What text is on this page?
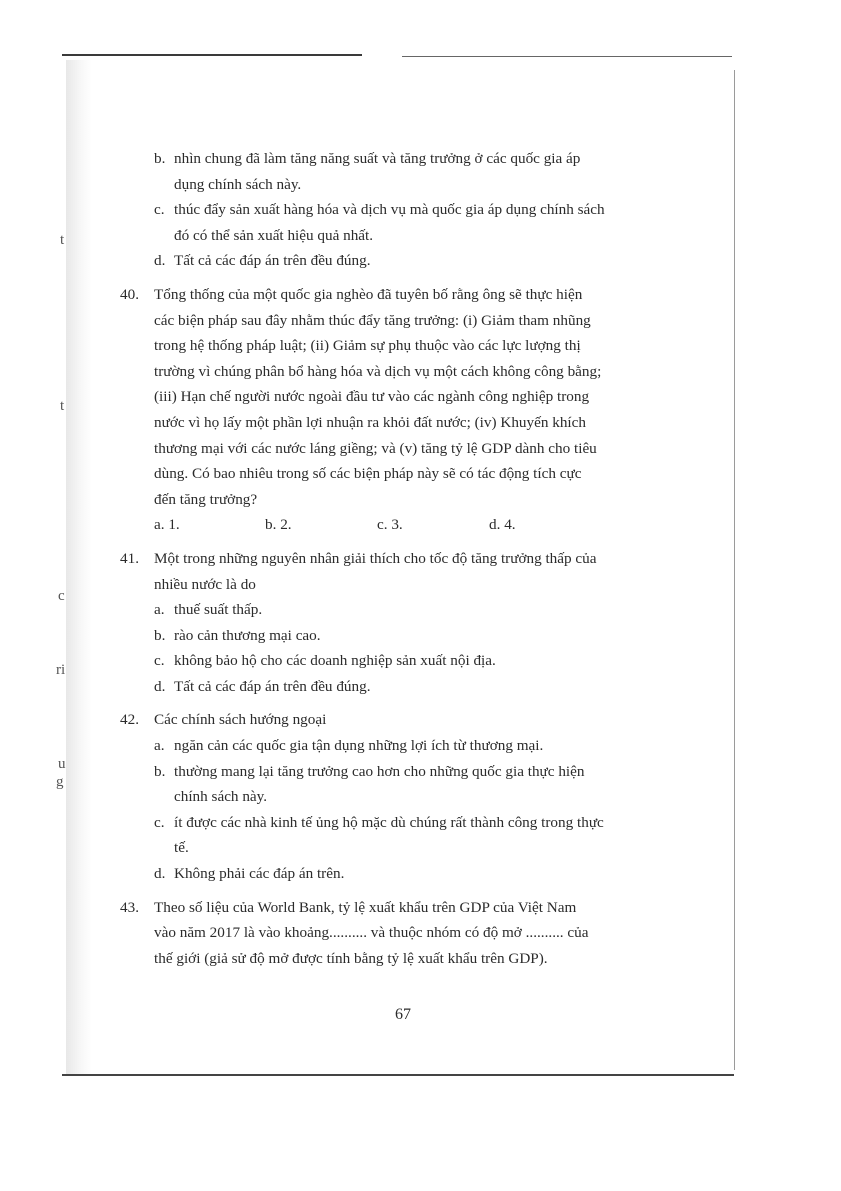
t
t
c
ri
u
g
b. nhìn chung đã làm tăng năng suất và tăng trưởng ở các quốc gia áp
dụng chính sách này.
c. thúc đẩy sản xuất hàng hóa và dịch vụ mà quốc gia áp dụng chính sách
đó có thể sản xuất hiệu quả nhất.
d. Tất cả các đáp án trên đều đúng.
40. Tổng thống của một quốc gia nghèo đã tuyên bố rằng ông sẽ thực hiện
các biện pháp sau đây nhằm thúc đẩy tăng trưởng: (i) Giảm tham nhũng
trong hệ thống pháp luật; (ii) Giảm sự phụ thuộc vào các lực lượng thị
trường vì chúng phân bổ hàng hóa và dịch vụ một cách không công bằng;
(iii) Hạn chế người nước ngoài đầu tư vào các ngành công nghiệp trong
nước vì họ lấy một phần lợi nhuận ra khỏi đất nước; (iv) Khuyến khích
thương mại với các nước láng giềng; và (v) tăng tỷ lệ GDP dành cho tiêu
dùng. Có bao nhiêu trong số các biện pháp này sẽ có tác động tích cực
đến tăng trưởng?
a. 1.	b. 2.	c. 3.	d. 4.
41. Một trong những nguyên nhân giải thích cho tốc độ tăng trưởng thấp của
nhiều nước là do
a. thuế suất thấp.
b. rào cản thương mại cao.
c. không bảo hộ cho các doanh nghiệp sản xuất nội địa.
d. Tất cả các đáp án trên đều đúng.
42. Các chính sách hướng ngoại
a. ngăn cản các quốc gia tận dụng những lợi ích từ thương mại.
b. thường mang lại tăng trưởng cao hơn cho những quốc gia thực hiện
chính sách này.
c. ít được các nhà kinh tế ủng hộ mặc dù chúng rất thành công trong thực
tế.
d. Không phải các đáp án trên.
43. Theo số liệu của World Bank, tỷ lệ xuất khẩu trên GDP của Việt Nam
vào năm 2017 là vào khoảng.......... và thuộc nhóm có độ mở .......... của
thế giới (giả sử độ mở được tính bằng tỷ lệ xuất khẩu trên GDP).
67
